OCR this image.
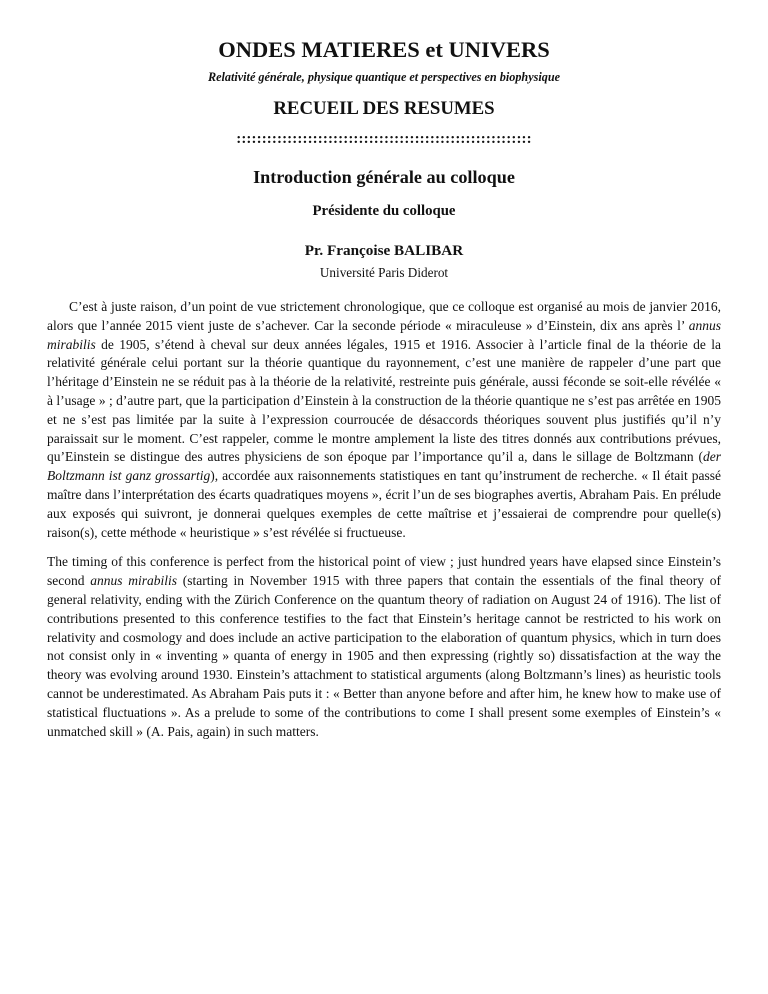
ONDES MATIERES et UNIVERS
Relativité générale, physique quantique et perspectives en biophysique
RECUEIL DES RESUMES
::::::::::::::::::::::::::::::::::::::::::::::::::::::::::
Introduction générale au colloque
Présidente du colloque
Pr. Françoise BALIBAR
Université Paris Diderot

C’est à juste raison, d’un point de vue strictement chronologique, que ce colloque est organisé au mois de janvier 2016, alors que l’année 2015 vient juste de s’achever. Car la seconde période « miraculeuse » d’Einstein, dix ans après l’ annus mirabilis de 1905, s’étend à cheval sur deux années légales, 1915 et 1916. Associer à l’article final de la théorie de la relativité générale celui portant sur la théorie quantique du rayonnement, c’est une manière de rappeler d’une part que l’héritage d’Einstein ne se réduit pas à la théorie de la relativité, restreinte puis générale, aussi féconde se soit-elle révélée « à l’usage » ; d’autre part, que la participation d’Einstein à la construction de la théorie quantique ne s’est pas arrêtée en 1905 et ne s’est pas limitée par la suite à l’expression courroucée de désaccords théoriques souvent plus justifiés qu’il n’y paraissait sur le moment. C’est rappeler, comme le montre amplement la liste des titres donnés aux contributions prévues, qu’Einstein se distingue des autres physiciens de son époque par l’importance qu’il a, dans le sillage de Boltzmann (der Boltzmann ist ganz grossartig), accordée aux raisonnements statistiques en tant qu’instrument de recherche. « Il était passé maître dans l’interprétation des écarts quadratiques moyens », écrit l’un de ses biographes avertis, Abraham Pais. En prélude aux exposés qui suivront, je donnerai quelques exemples de cette maîtrise et j’essaierai de comprendre pour quelle(s) raison(s), cette méthode « heuristique » s’est révélée si fructueuse.

The timing of this conference is perfect from the historical point of view ; just hundred years have elapsed since Einstein’s second annus mirabilis (starting in November 1915 with three papers that contain the essentials of the final theory of general relativity, ending with the Zürich Conference on the quantum theory of radiation on August 24 of 1916). The list of contributions presented to this conference testifies to the fact that Einstein’s heritage cannot be restricted to his work on relativity and cosmology and does include an active participation to the elaboration of quantum physics, which in turn does not consist only in « inventing » quanta of energy in 1905 and then expressing (rightly so) dissatisfaction at the way the theory was evolving around 1930. Einstein’s attachment to statistical arguments (along Boltzmann’s lines) as heuristic tools cannot be underestimated. As Abraham Pais puts it : « Better than anyone before and after him, he knew how to make use of statistical fluctuations ». As a prelude to some of the contributions to come I shall present some exemples of Einstein’s « unmatched skill » (A. Pais, again) in such matters.
